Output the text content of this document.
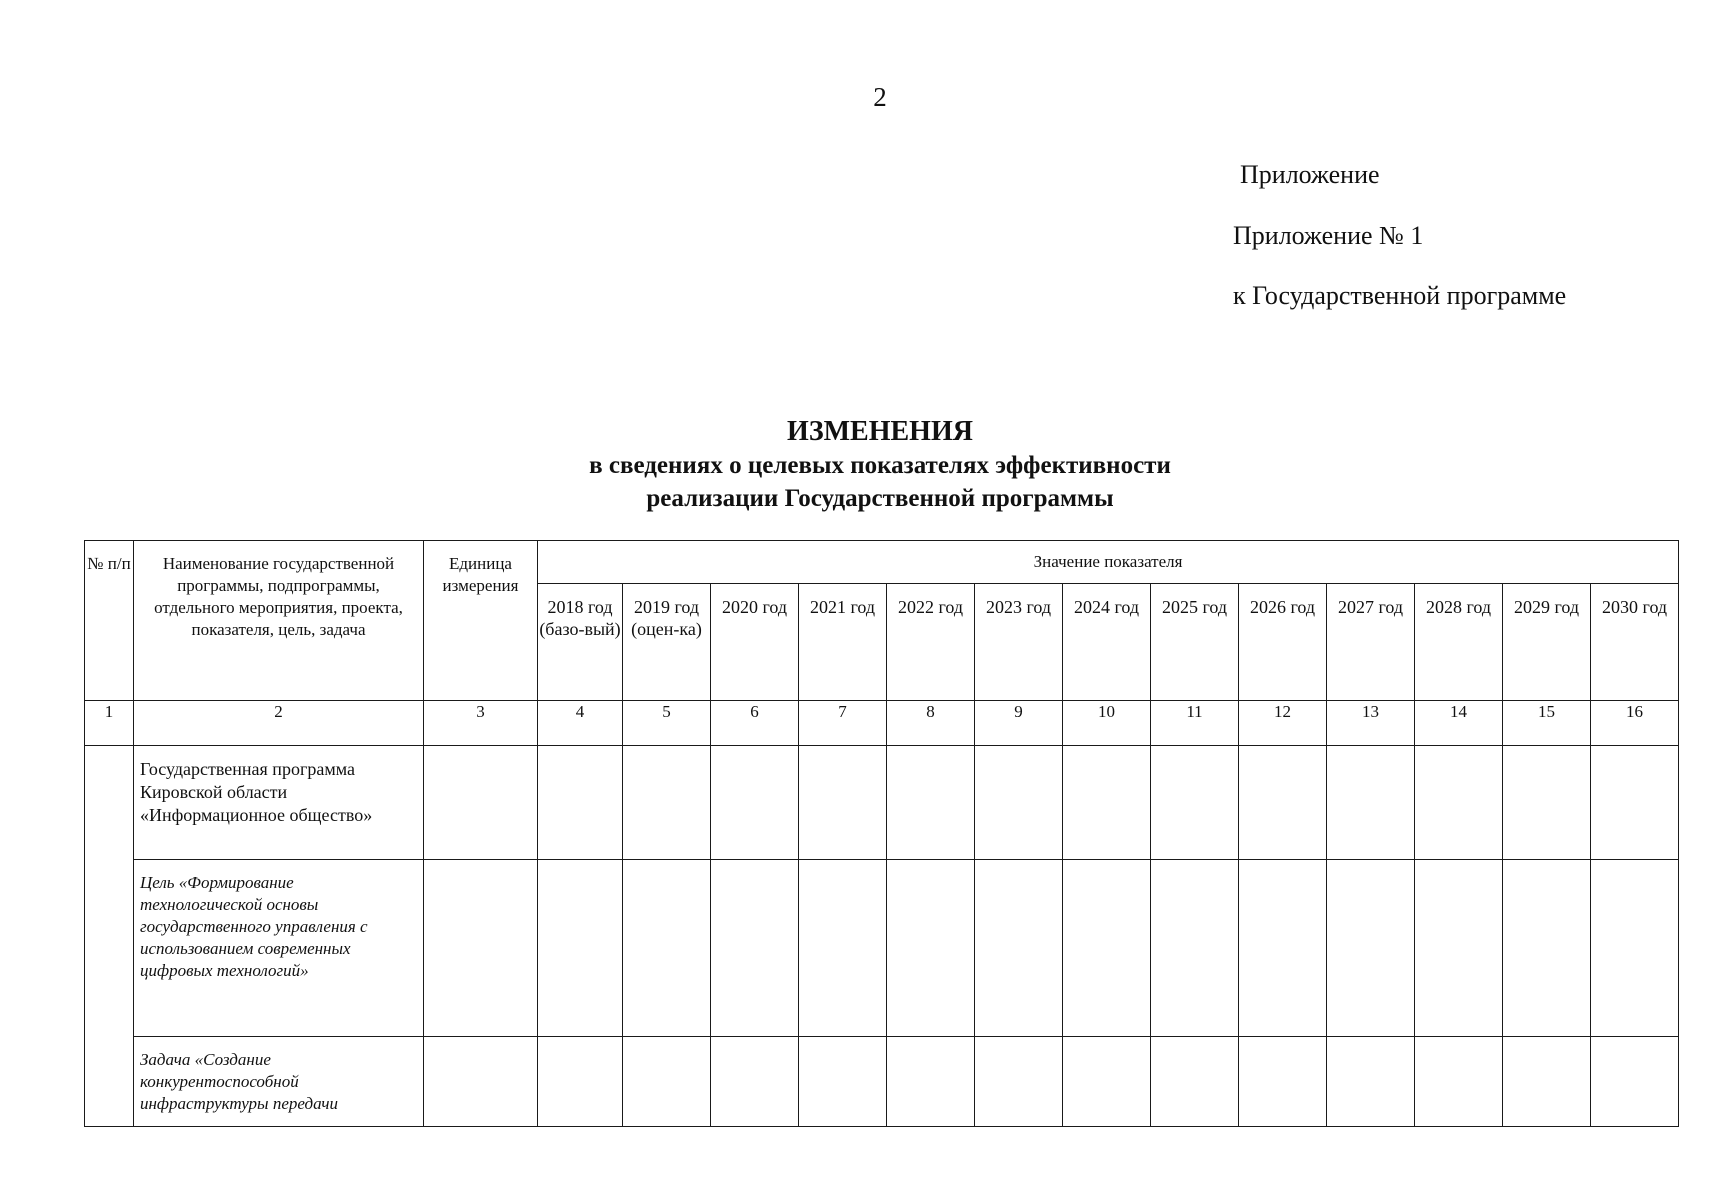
2
Приложение
Приложение № 1
к Государственной программе
ИЗМЕНЕНИЯ
в сведениях о целевых показателях эффективности
реализации Государственной программы
№ п/п	Наименование государственной программы, подпрограммы, отдельного мероприятия, проекта, показателя, цель, задача	Единица измерения	Значение показателя												
			2018 год (базо-вый)	2019 год (оцен-ка)	2020 год	2021 год	2022 год	2023 год	2024 год	2025 год	2026 год	2027 год	2028 год	2029 год	2030 год
1	2	3	4	5	6	7	8	9	10	11	12	13	14	15	16
	Государственная программа Кировской области «Информационное общество»														
	Цель «Формирование технологической основы государственного управления с использованием современных цифровых технологий»														
	Задача «Создание конкурентоспособной инфраструктуры передачи														
